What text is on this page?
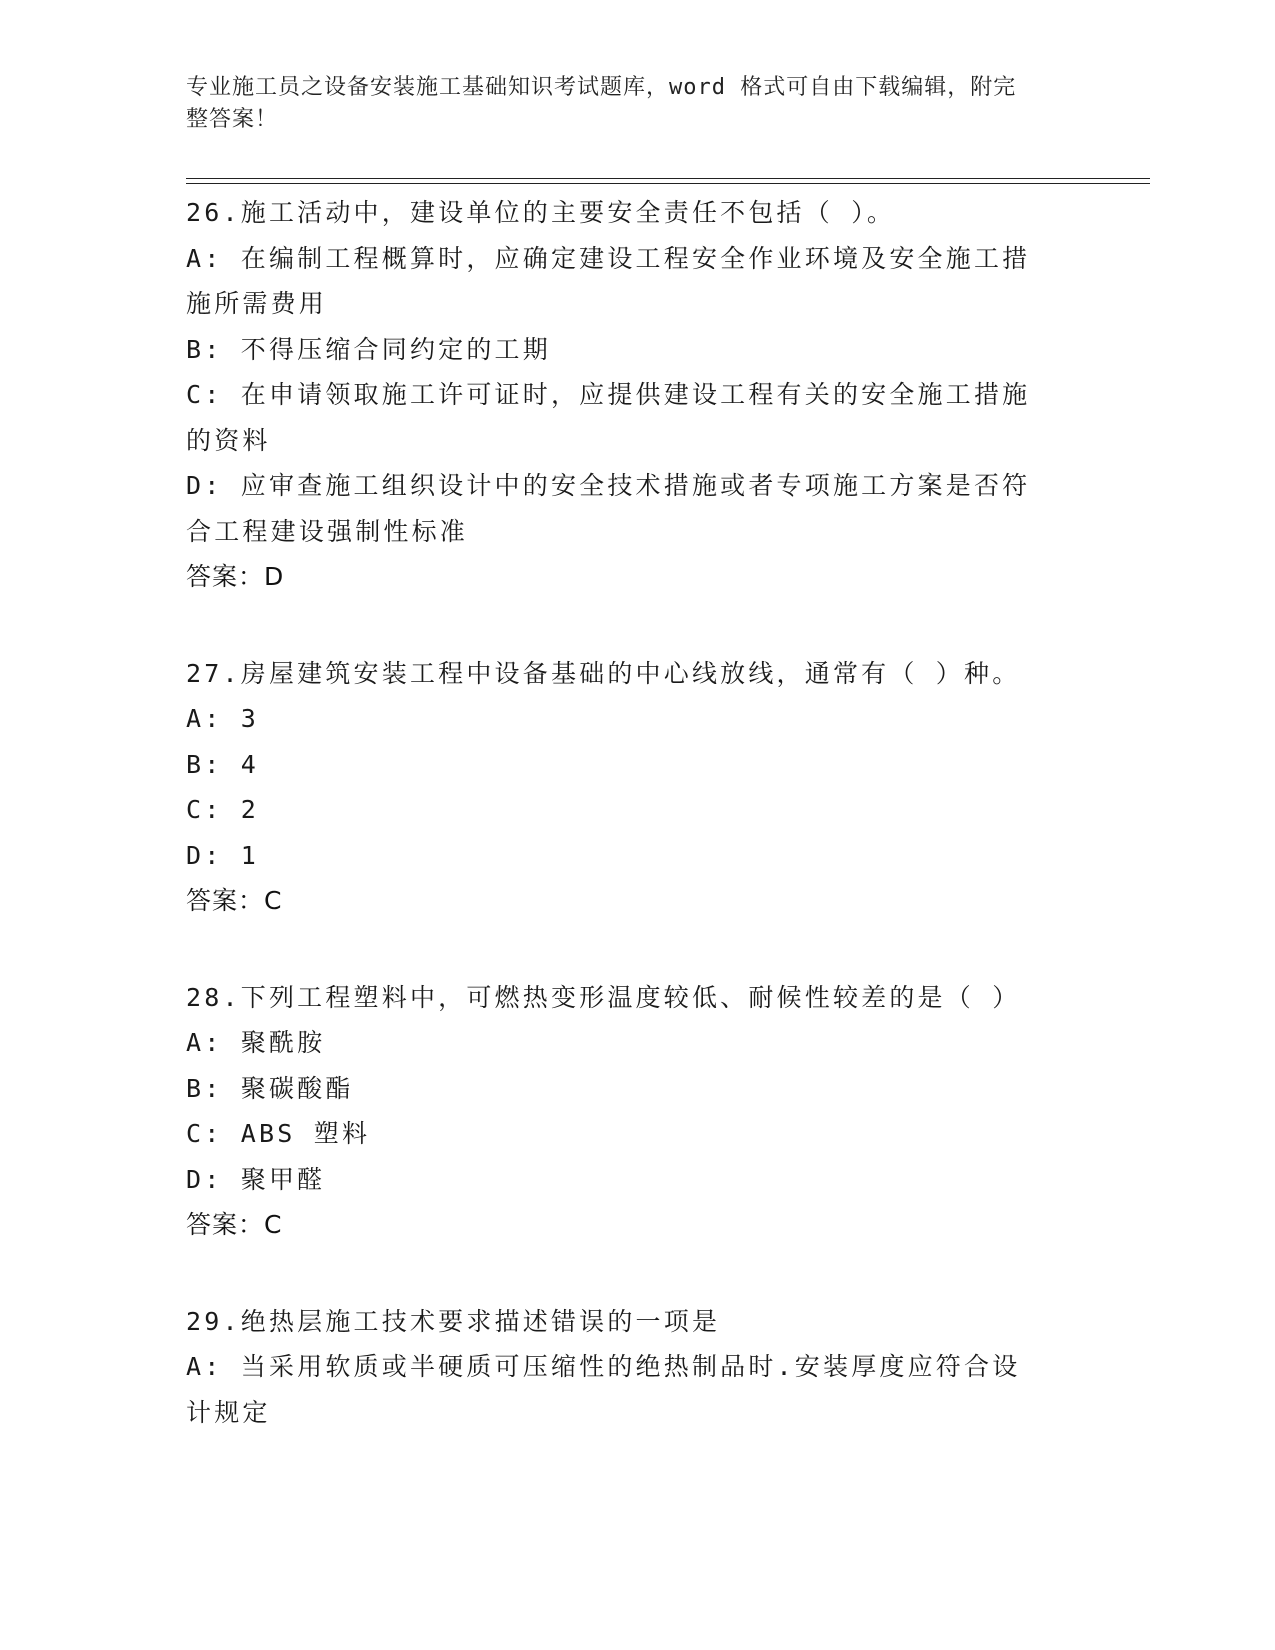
专业施工员之设备安装施工基础知识考试题库，word 格式可自由下载编辑，附完
整答案！
26.施工活动中，建设单位的主要安全责任不包括（ ）。
A: 在编制工程概算时，应确定建设工程安全作业环境及安全施工措施所需费用
B: 不得压缩合同约定的工期
C: 在申请领取施工许可证时，应提供建设工程有关的安全施工措施的资料
D: 应审查施工组织设计中的安全技术措施或者专项施工方案是否符合工程建设强制性标准
答案：D
27.房屋建筑安装工程中设备基础的中心线放线，通常有（ ）种。
A: 3
B: 4
C: 2
D: 1
答案：C
28.下列工程塑料中，可燃热变形温度较低、耐候性较差的是（ ）
A: 聚酰胺
B: 聚碳酸酯
C: ABS 塑料
D: 聚甲醛
答案：C
29.绝热层施工技术要求描述错误的一项是
A: 当采用软质或半硬质可压缩性的绝热制品时.安装厚度应符合设计规定
